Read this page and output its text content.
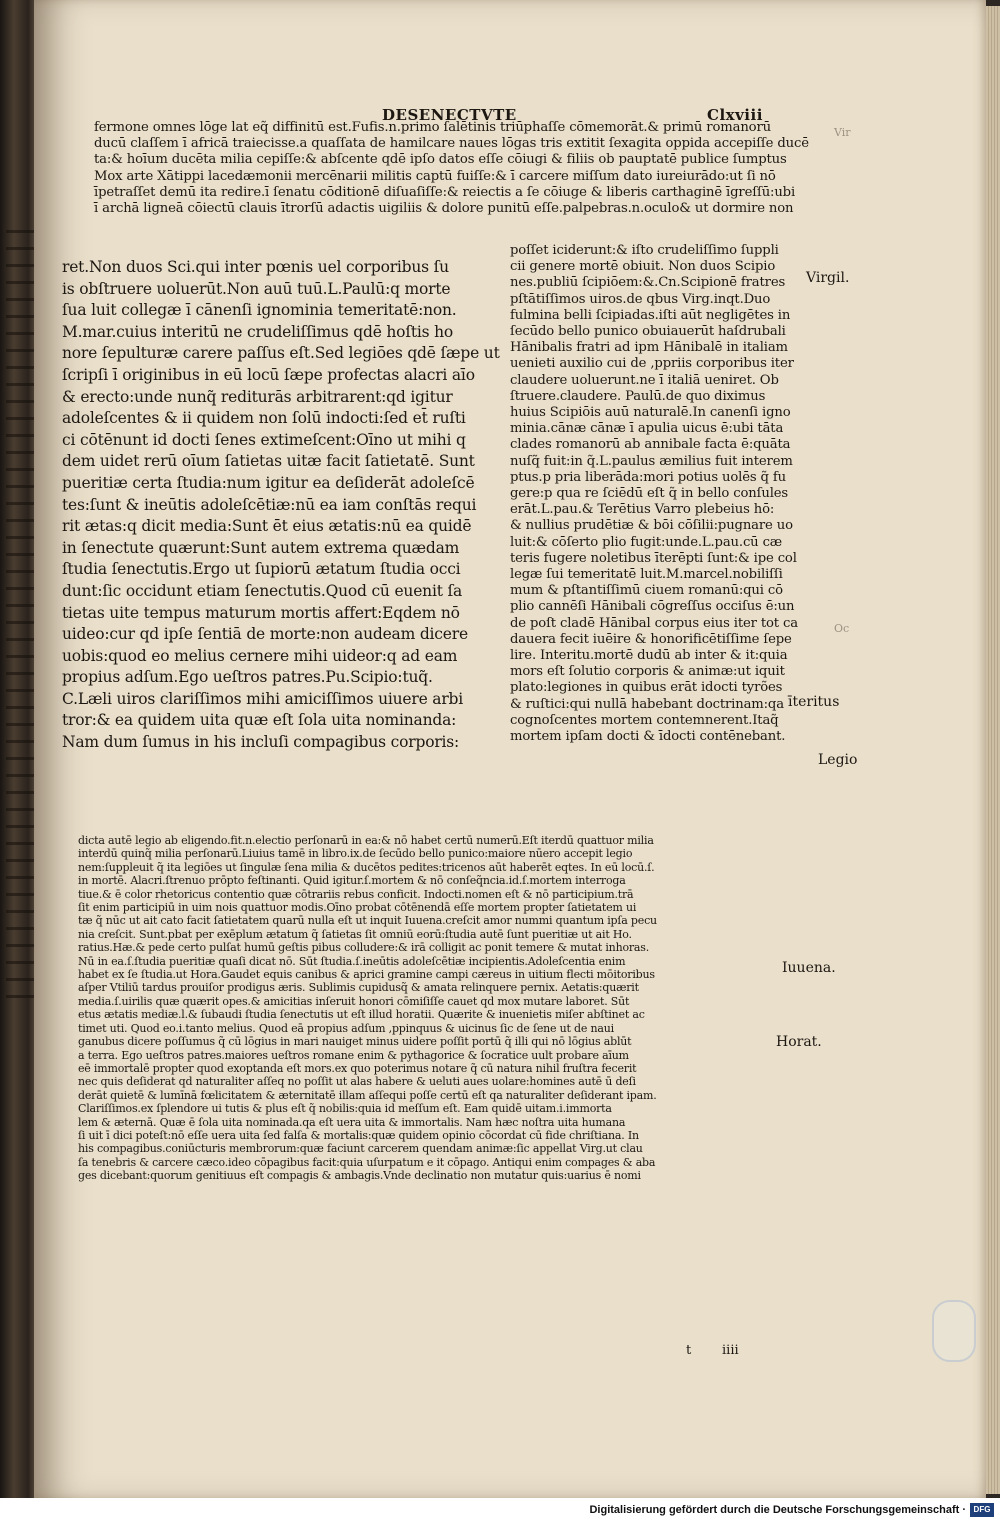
DESENECTVTE	Clxviii
Vir
fermone omnes lōge lat eq̃ diffinitū est.Fufis.n.primo ſalētinis triūphaſſe cōmemorāt.& primū romanorū
ducū claſſem ī africā traiecisse.a quaſſata de hamilcare naues lōgas tris extitit ſexagita oppida accepiſſe ducē
ta:& hoīum ducēta milia cepiſſe:& abſcente qdē ipſo datos eſſe cōiugi & filiis ob pauptatē publice ſumptus
Mox arte Xātippi lacedæmonii mercēnarii militis captū fuiſſe:& ī carcere miſſum dato iureiurādo:ut ſi nō
īpetraſſet demū ita redire.ī ſenatu cōditionē diſuaſiſſe:& reiectis a ſe cōiuge & liberis carthaginē īgreſſū:ubi
ī archā ligneā cōiectū clauis ītrorſū adactis uigiliis & dolore punitū eſſe.palpebras.n.oculo& ut dormire non
ret.Non duos Sci.qui inter pœnis uel corporibus ſu
is obſtruere uoluerūt.Non auū tuū.L.Paulū:q morte
ſua luit collegæ ī cānenſi ignominia temeritatē:non.
M.mar.cuius interitū ne crudeliſſimus qdē hoſtis ho
nore ſepulturæ carere paſſus eſt.Sed legiōes qdē ſæpe ut
ſcripſi ī originibus in eū locū ſæpe profectas alacri aīo
& erecto:unde nunq̃ rediturās arbitrarent:qd igitur
adoleſcentes & ii quidem non ſolū indocti:ſed et̄ ruſti
ci cōtēnunt id docti ſenes extimeſcent:Oīno ut mihi q
dem uidet rerū oīum ſatietas uitæ facit ſatietatē. Sunt
pueritiæ certa ſtudia:num igitur ea deſiderāt adoleſcē
tes:ſunt & ineūtis adoleſcētiæ:nū ea iam conſtās requi
rit ætas:q dicit media:Sunt ēt eius ætatis:nū ea quidē
in ſenectute quærunt:Sunt autem extrema quædam
ſtudia ſenectutis.Ergo ut ſupiorū ætatum ſtudia occi
dunt:ſic occidunt etiam ſenectutis.Quod cū euenit ſa
tietas uite tempus maturum mortis affert:Eqdem nō
uideo:cur qd ipſe ſentiā de morte:non audeam dicere
uobis:quod eo melius cernere mihi uideor:q ad eam
propius adſum.Ego ueſtros patres.Pu.Scipio:tuq̃.
C.Læli uiros clariſſimos mihi amiciſſimos uiuere arbi
tror:& ea quidem uita quæ eſt ſola uita nominanda:
Nam dum ſumus in his incluſi compagibus corporis:
poſſet iciderunt:& iſto crudeliſſimo ſuppli
cii genere mortē obiuit. Non duos Scipio
nes.publiū ſcipiōem:&.Cn.Scipionē fratres
pſtātiſſimos uiros.de qbus Virg.inqt.Duo
fulmina belli ſcipiadas.iſti aūt negligētes in
ſecūdo bello punico obuiauerūt haſdrubali
Hānibalis fratri ad ipm Hānibalē in italiam
uenieti auxilio cui de ,ppriis corporibus iter
claudere uoluerunt.ne ī italiā ueniret. Ob
ſtruere.claudere. Paulū.de quo diximus
huius Scipiōis auū naturalē.In canenſi igno
minia.cānæ cānæ ī apulia uicus ē:ubi tāta
clades romanorū ab annibale facta ē:quāta
nuſq̃ fuit:in q̃.L.paulus æmilius fuit interem
ptus.p pria liberāda:mori potius uolēs q̃ fu
gere:p qua re ſciēdū eſt q̃ in bello conſules
erāt.L.pau.& Terētius Varro plebeius hō:
& nullius prudētiæ & bōi cōſilii:pugnare uo
luit:& cōſerto plio fugit:unde.L.pau.cū cæ
teris fugere noletibus īterēpti ſunt:& ipe col
legæ ſui temeritatē luit.M.marcel.nobiliſſi
mum & pſtantiſſimū ciuem romanū:qui cō
plio cannēſi Hānibali cōgreſſus occiſus ē:un
de poſt cladē Hānibal corpus eius iter tot ca
dauera fecit iuēire & honorificētiſſime ſepe
lire. Interitu.mortē dudū ab inter & it:quia
mors eſt ſolutio corporis & animæ:ut iquit
plato:legiones in quibus erāt idocti tyrões
& ruſtici:qui nullā habebant doctrinam:qa
cognoſcentes mortem contemnerent.Itaq̃
mortem ipſam docti & īdocti contēnebant.
Virgil.
Oc
īteritus
Legio
Iuuena.
Horat.
dicta autē legio ab eligendo.fit.n.electio perſonarū in ea:& nō habet certū numerū.Eſt iterdū quattuor milia
interdū quinq̃ milia perſonarū.Liuius tamē in libro.ix.de ſecūdo bello punico:maiore nūero accepit legio
nem:ſuppleuit q̃ ita legiōes ut ſingulæ ſena milia & ducētos pedites:tricenos aūt haberēt eqtes. In eū locū.ſ.
in mortē. Alacri.ſtrenuo prōpto feſtinanti. Quid igitur.ſ.mortem & nō conſeq̃ncia.id.ſ.mortem interroga
tiue.& ē color rhetoricus contentio quæ cōtrariis rebus conficit. Indocti.nomen eſt & nō participium.trā
ſit enim participiū in uim nois quattuor modis.Oīno probat cōtēnendā eſſe mortem propter ſatietatem ui
tæ q̃ nūc ut ait cato facit ſatietatem quarū nulla eſt ut inquit Iuuena.creſcit amor nummi quantum ipſa pecu
nia creſcit. Sunt.pbat per exēplum ætatum q̃ ſatietas ſit omniū eorū:ſtudia autē ſunt pueritiæ ut ait Ho.
ratius.Hæ.& pede certo pulſat humū geſtis pibus colludere:& irā colligit ac ponit temere & mutat inhoras.
Nū in ea.ſ.ſtudia pueritiæ quaſi dicat nō. Sūt ſtudia.ſ.ineūtis adoleſcētiæ incipientis.Adoleſcentia enim
habet ex ſe ſtudia.ut Hora.Gaudet equis canibus & aprici gramine campi cæreus in uitium flecti mōitoribus
aſper Vtiliū tardus prouiſor prodigus æris. Sublimis cupidusq̃ & amata relinquere pernix. Aetatis:quærit
media.ſ.uirilis quæ quærit opes.& amicitias inſeruit honori cōmiſiſſe cauet qd mox mutare laboret. Sūt
etus ætatis mediæ.l.& ſubaudi ſtudia ſenectutis ut eſt illud horatii. Quærite & inuenietis miſer abſtinet ac
timet uti. Quod eo.i.tanto melius. Quod eā propius adſum ,ppinquus & uicinus ſic de ſene ut de naui
ganubus dicere poſſumus q̃ cū lōgius in mari nauiget minus uidere poſſit portū q̃ illi qui nō lōgius ablūt
a terra. Ego ueſtros patres.maiores ueſtros romane enim & pythagorice & ſocratice uult probare aīum
eē immortalē propter quod exoptanda eſt mors.ex quo poterimus notare q̃ cū natura nihil fruſtra fecerit
nec quis deſiderat qd naturaliter aſſeq no poſſit ut alas habere & ueluti aues uolare:homines autē ū deſi
derāt quietē & lumīnā fœlicitatem & æternitatē illam aſſequi poſſe certū eſt qa naturaliter deſiderant ipam.
Clariſſimos.ex ſplendore ui tutis & plus eſt q̃ nobilis:quia id meſſum eſt. Eam quidē uitam.i.immorta
lem & æternā. Quæ ē ſola uita nominada.qa eſt uera uita & immortalis. Nam hæc noſtra uita humana
ſi uit ī dici poteſt:nō eſſe uera uita ſed falſa & mortalis:quæ quidem opinio cōcordat cū fide chriſtiana. In
his compagibus.coniūcturis membrorum:quæ faciunt carcerem quendam animæ:ſic appellat Virg.ut clau
ſa tenebris & carcere cæco.ideo cōpagibus facit:quia uſurpatum e it cōpago. Antiqui enim compages & aba
ges dicebant:quorum genitiuus eſt compagis & ambagis.Vnde declinatio non mutatur quis:uarius ē nomi
t iiii
Digitalisierung gefördert durch die Deutsche Forschungsgemeinschaft · DFG
